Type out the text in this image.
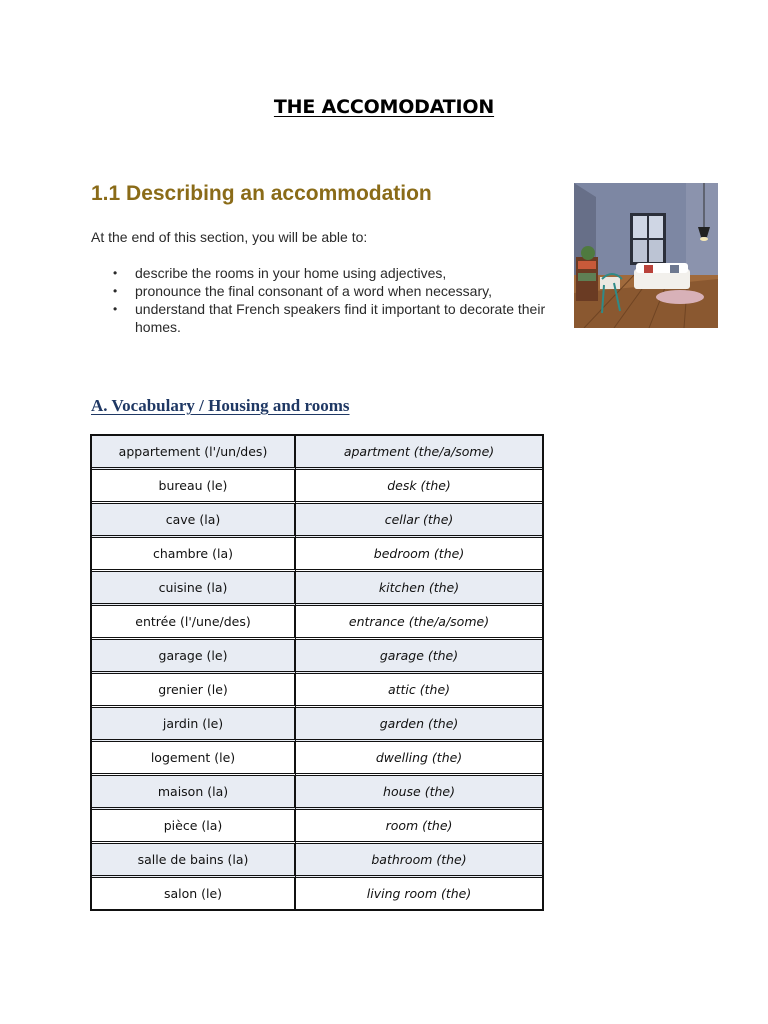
THE ACCOMODATION
1.1 Describing an accommodation
At the end of this section, you will be able to:
• describe the rooms in your home using adjectives,
• pronounce the final consonant of a word when necessary,
• understand that French speakers find it important to decorate their homes.
A. Vocabulary / Housing and rooms
appartement (l'/un/des)	apartment (the/a/some)
bureau (le)	desk (the)
cave (la)	cellar (the)
chambre (la)	bedroom (the)
cuisine (la)	kitchen (the)
entrée (l'/une/des)	entrance (the/a/some)
garage (le)	garage (the)
grenier (le)	attic (the)
jardin (le)	garden (the)
logement (le)	dwelling (the)
maison (la)	house (the)
pièce (la)	room (the)
salle de bains (la)	bathroom (the)
salon (le)	living room (the)
